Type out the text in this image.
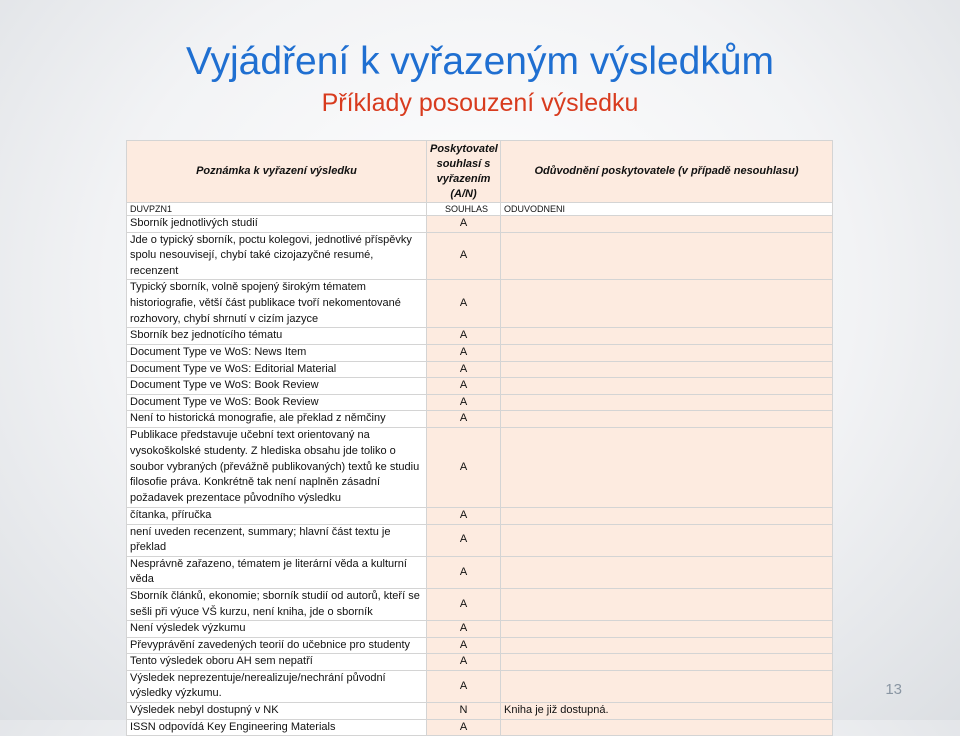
Vyjádření k vyřazeným výsledkům
Příklady posouzení výsledku
Poznámka k vyřazení výsledku	Poskytovatel souhlasí s vyřazením (A/N)	Odůvodnění poskytovatele (v případě nesouhlasu)
DUVPZN1	SOUHLAS	ODUVODNENI
Sborník jednotlivých studií	A	
Jde o typický sborník, poctu kolegovi, jednotlivé příspěvky spolu nesouvisejí, chybí také cizojazyčné resumé, recenzent	A	
Typický sborník, volně spojený širokým tématem historiografie, větší část publikace tvoří nekomentované rozhovory, chybí shrnutí v cizím jazyce	A	
Sborník bez jednotícího tématu	A	
Document Type ve WoS: News Item	A	
Document Type ve WoS: Editorial Material	A	
Document Type ve WoS: Book Review	A	
Document Type ve WoS: Book Review	A	
Není to historická monografie, ale překlad z němčiny	A	
Publikace představuje učební text orientovaný na vysokoškolské studenty. Z hlediska obsahu jde toliko o soubor vybraných (převážně publikovaných) textů ke studiu filosofie práva. Konkrétně tak není naplněn zásadní požadavek prezentace původního výsledku	A	
čítanka, příručka	A	
není uveden recenzent, summary; hlavní část textu je překlad	A	
Nesprávně zařazeno, tématem je literární věda a kulturní věda	A	
Sborník článků, ekonomie; sborník studií od autorů, kteří se sešli při výuce VŠ kurzu, není kniha, jde o sborník	A	
Není výsledek výzkumu	A	
Převyprávění zavedených teorií do učebnice pro studenty	A	
Tento výsledek oboru AH sem nepatří	A	
Výsledek neprezentuje/nerealizuje/nechrání původní výsledky výzkumu.	A	
Výsledek nebyl dostupný v NK	N	Kniha je již dostupná.
ISSN odpovídá Key Engineering Materials	A	
13
